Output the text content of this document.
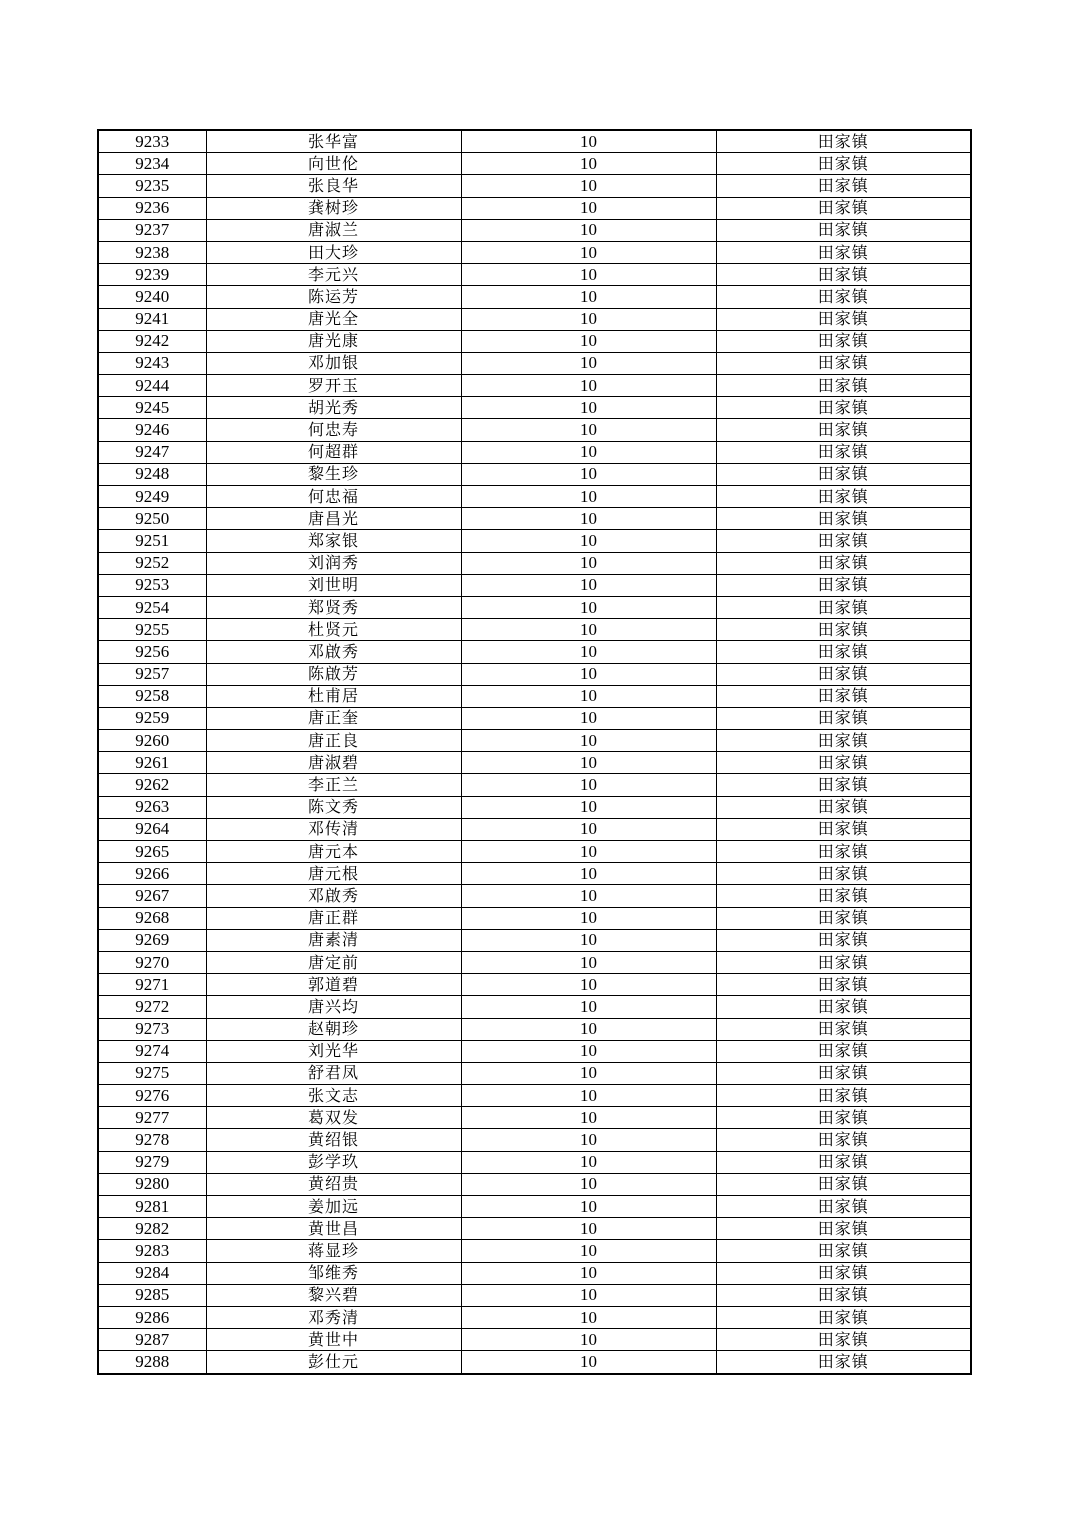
9233	张华富	10	田家镇
9234	向世伦	10	田家镇
9235	张良华	10	田家镇
9236	龚树珍	10	田家镇
9237	唐淑兰	10	田家镇
9238	田大珍	10	田家镇
9239	李元兴	10	田家镇
9240	陈运芳	10	田家镇
9241	唐光全	10	田家镇
9242	唐光康	10	田家镇
9243	邓加银	10	田家镇
9244	罗开玉	10	田家镇
9245	胡光秀	10	田家镇
9246	何忠寿	10	田家镇
9247	何超群	10	田家镇
9248	黎生珍	10	田家镇
9249	何忠福	10	田家镇
9250	唐昌光	10	田家镇
9251	郑家银	10	田家镇
9252	刘润秀	10	田家镇
9253	刘世明	10	田家镇
9254	郑贤秀	10	田家镇
9255	杜贤元	10	田家镇
9256	邓啟秀	10	田家镇
9257	陈啟芳	10	田家镇
9258	杜甫居	10	田家镇
9259	唐正奎	10	田家镇
9260	唐正良	10	田家镇
9261	唐淑碧	10	田家镇
9262	李正兰	10	田家镇
9263	陈文秀	10	田家镇
9264	邓传清	10	田家镇
9265	唐元本	10	田家镇
9266	唐元根	10	田家镇
9267	邓啟秀	10	田家镇
9268	唐正群	10	田家镇
9269	唐素清	10	田家镇
9270	唐定前	10	田家镇
9271	郭道碧	10	田家镇
9272	唐兴均	10	田家镇
9273	赵朝珍	10	田家镇
9274	刘光华	10	田家镇
9275	舒君凤	10	田家镇
9276	张文志	10	田家镇
9277	葛双发	10	田家镇
9278	黄绍银	10	田家镇
9279	彭学玖	10	田家镇
9280	黄绍贵	10	田家镇
9281	姜加远	10	田家镇
9282	黄世昌	10	田家镇
9283	蒋显珍	10	田家镇
9284	邹维秀	10	田家镇
9285	黎兴碧	10	田家镇
9286	邓秀清	10	田家镇
9287	黄世中	10	田家镇
9288	彭仕元	10	田家镇
